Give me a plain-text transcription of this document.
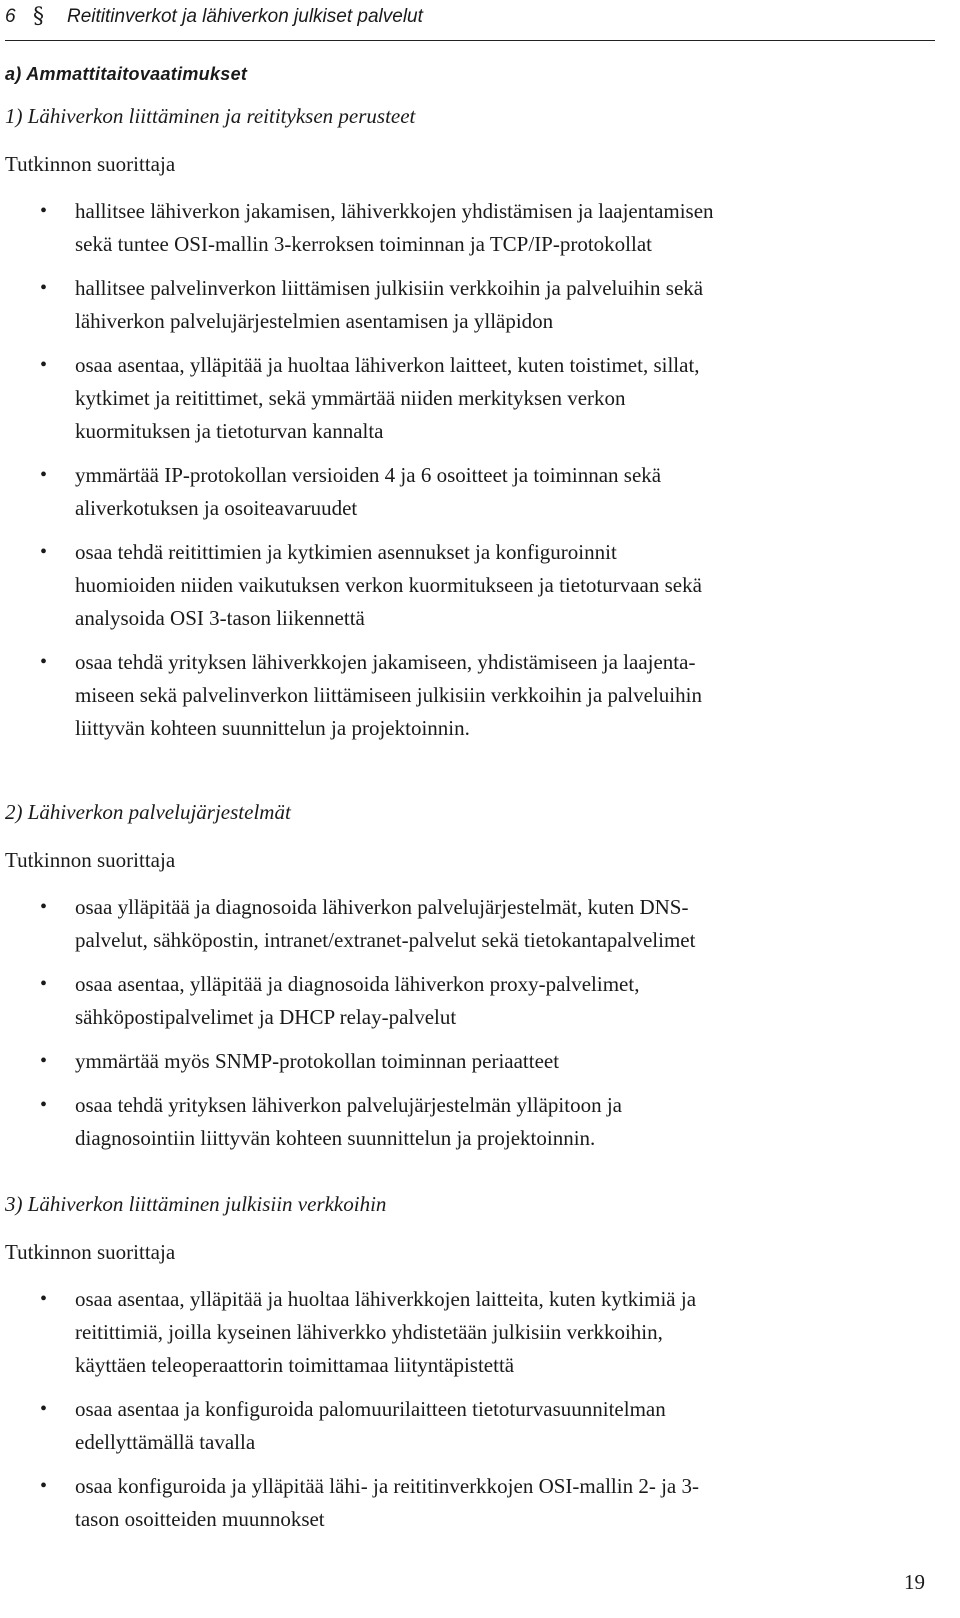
6 § Reititinverkot ja lähiverkon julkiset palvelut
a) Ammattitaitovaatimukset
1) Lähiverkon liittäminen ja reitityksen perusteet
Tutkinnon suorittaja
• hallitsee lähiverkon jakamisen, lähiverkkojen yhdistämisen ja laajentamisen
sekä tuntee OSI-mallin 3-kerroksen toiminnan ja TCP/IP-protokollat
• hallitsee palvelinverkon liittämisen julkisiin verkkoihin ja palveluihin sekä
lähiverkon palvelujärjestelmien asentamisen ja ylläpidon
• osaa asentaa, ylläpitää ja huoltaa lähiverkon laitteet, kuten toistimet, sillat,
kytkimet ja reitittimet, sekä ymmärtää niiden merkityksen verkon
kuormituksen ja tietoturvan kannalta
• ymmärtää IP-protokollan versioiden 4 ja 6 osoitteet ja toiminnan sekä
aliverkotuksen ja osoiteavaruudet
• osaa tehdä reitittimien ja kytkimien asennukset ja konfiguroinnit
huomioiden niiden vaikutuksen verkon kuormitukseen ja tietoturvaan sekä
analysoida OSI 3-tason liikennettä
• osaa tehdä yrityksen lähiverkkojen jakamiseen, yhdistämiseen ja laajenta-
miseen sekä palvelinverkon liittämiseen julkisiin verkkoihin ja palveluihin
liittyvän kohteen suunnittelun ja projektoinnin.
2) Lähiverkon palvelujärjestelmät
Tutkinnon suorittaja
• osaa ylläpitää ja diagnosoida lähiverkon palvelujärjestelmät, kuten DNS-
palvelut, sähköpostin, intranet/extranet-palvelut sekä tietokantapalvelimet
• osaa asentaa, ylläpitää ja diagnosoida lähiverkon proxy-palvelimet,
sähköpostipalvelimet ja DHCP relay-palvelut
• ymmärtää myös SNMP-protokollan toiminnan periaatteet
• osaa tehdä yrityksen lähiverkon palvelujärjestelmän ylläpitoon ja
diagnosointiin liittyvän kohteen suunnittelun ja projektoinnin.
3) Lähiverkon liittäminen julkisiin verkkoihin
Tutkinnon suorittaja
• osaa asentaa, ylläpitää ja huoltaa lähiverkkojen laitteita, kuten kytkimiä ja
reitittimiä, joilla kyseinen lähiverkko yhdistetään julkisiin verkkoihin,
käyttäen teleoperaattorin toimittamaa liityntäpistettä
• osaa asentaa ja konfiguroida palomuurilaitteen tietoturvasuunnitelman
edellyttämällä tavalla
• osaa konfiguroida ja ylläpitää lähi- ja reititinverkkojen OSI-mallin 2- ja 3-
tason osoitteiden muunnokset
19
